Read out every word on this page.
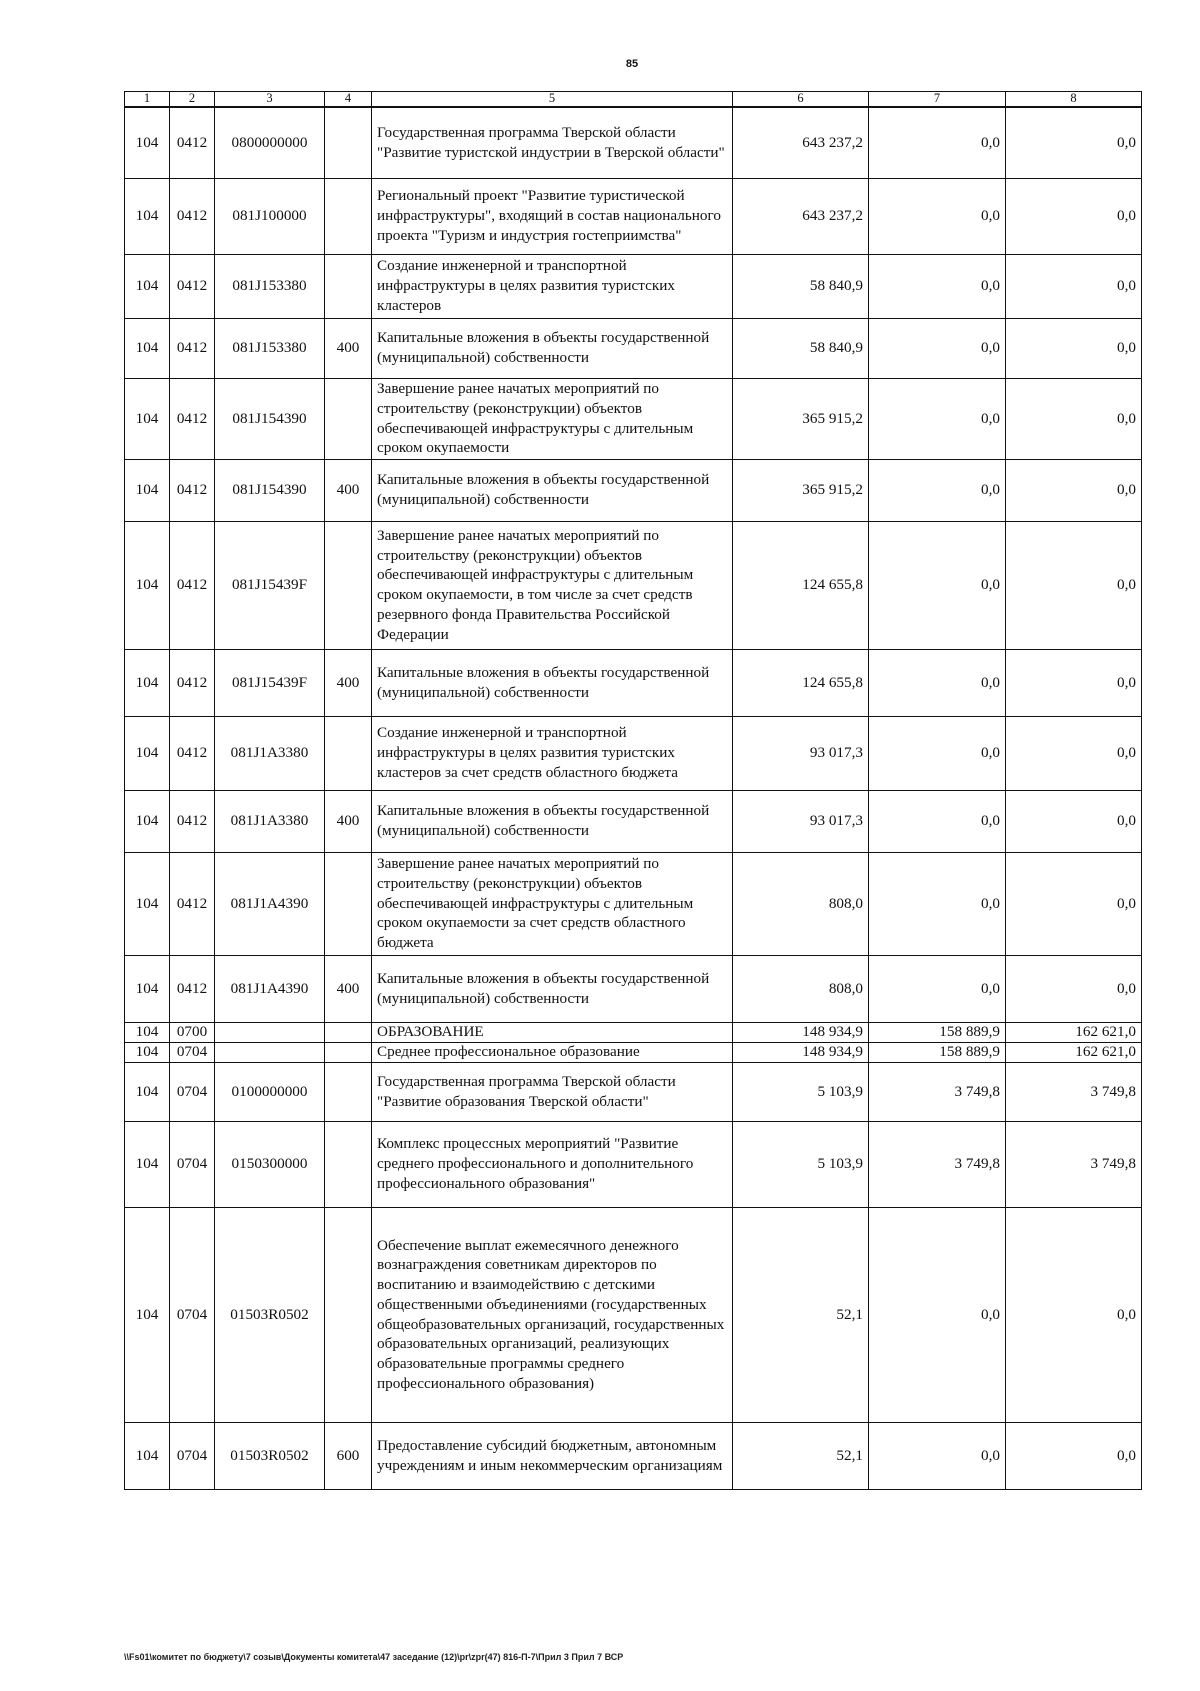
85
1	2	3	4	5	6	7	8
104	0412	0800000000		Государственная программа Тверской области "Развитие туристской индустрии в Тверской области"	643 237,2	0,0	0,0
104	0412	081J100000		Региональный проект "Развитие туристической инфраструктуры", входящий в состав национального проекта "Туризм и индустрия гостеприимства"	643 237,2	0,0	0,0
104	0412	081J153380		Создание инженерной и транспортной инфраструктуры в целях развития туристских кластеров	58 840,9	0,0	0,0
104	0412	081J153380	400	Капитальные вложения в объекты государственной (муниципальной) собственности	58 840,9	0,0	0,0
104	0412	081J154390		Завершение ранее начатых мероприятий по строительству (реконструкции) объектов обеспечивающей инфраструктуры с длительным сроком окупаемости	365 915,2	0,0	0,0
104	0412	081J154390	400	Капитальные вложения в объекты государственной (муниципальной) собственности	365 915,2	0,0	0,0
104	0412	081J15439F		Завершение ранее начатых мероприятий по строительству (реконструкции) объектов обеспечивающей инфраструктуры с длительным сроком окупаемости, в том числе за счет средств резервного фонда Правительства Российской Федерации	124 655,8	0,0	0,0
104	0412	081J15439F	400	Капитальные вложения в объекты государственной (муниципальной) собственности	124 655,8	0,0	0,0
104	0412	081J1A3380		Создание инженерной и транспортной инфраструктуры в целях развития туристских кластеров за счет средств областного бюджета	93 017,3	0,0	0,0
104	0412	081J1A3380	400	Капитальные вложения в объекты государственной (муниципальной) собственности	93 017,3	0,0	0,0
104	0412	081J1A4390		Завершение ранее начатых мероприятий по строительству (реконструкции) объектов обеспечивающей инфраструктуры с длительным сроком окупаемости за счет средств областного бюджета	808,0	0,0	0,0
104	0412	081J1A4390	400	Капитальные вложения в объекты государственной (муниципальной) собственности	808,0	0,0	0,0
104	0700			ОБРАЗОВАНИЕ	148 934,9	158 889,9	162 621,0
104	0704			Среднее профессиональное образование	148 934,9	158 889,9	162 621,0
104	0704	0100000000		Государственная программа Тверской области "Развитие образования Тверской области"	5 103,9	3 749,8	3 749,8
104	0704	0150300000		Комплекс процессных мероприятий "Развитие среднего профессионального и дополнительного профессионального образования"	5 103,9	3 749,8	3 749,8
104	0704	01503R0502		Обеспечение выплат ежемесячного денежного вознаграждения советникам директоров по воспитанию и взаимодействию с детскими общественными объединениями (государственных общеобразовательных организаций, государственных образовательных организаций, реализующих образовательные программы среднего профессионального образования)	52,1	0,0	0,0
104	0704	01503R0502	600	Предоставление субсидий бюджетным, автономным учреждениям и иным некоммерческим организациям	52,1	0,0	0,0
\\Fs01\комитет по бюджету\7 созыв\Документы комитета\47 заседание (12)\pr\zpr(47) 816-П-7\Прил 3 Прил 7 ВСР
